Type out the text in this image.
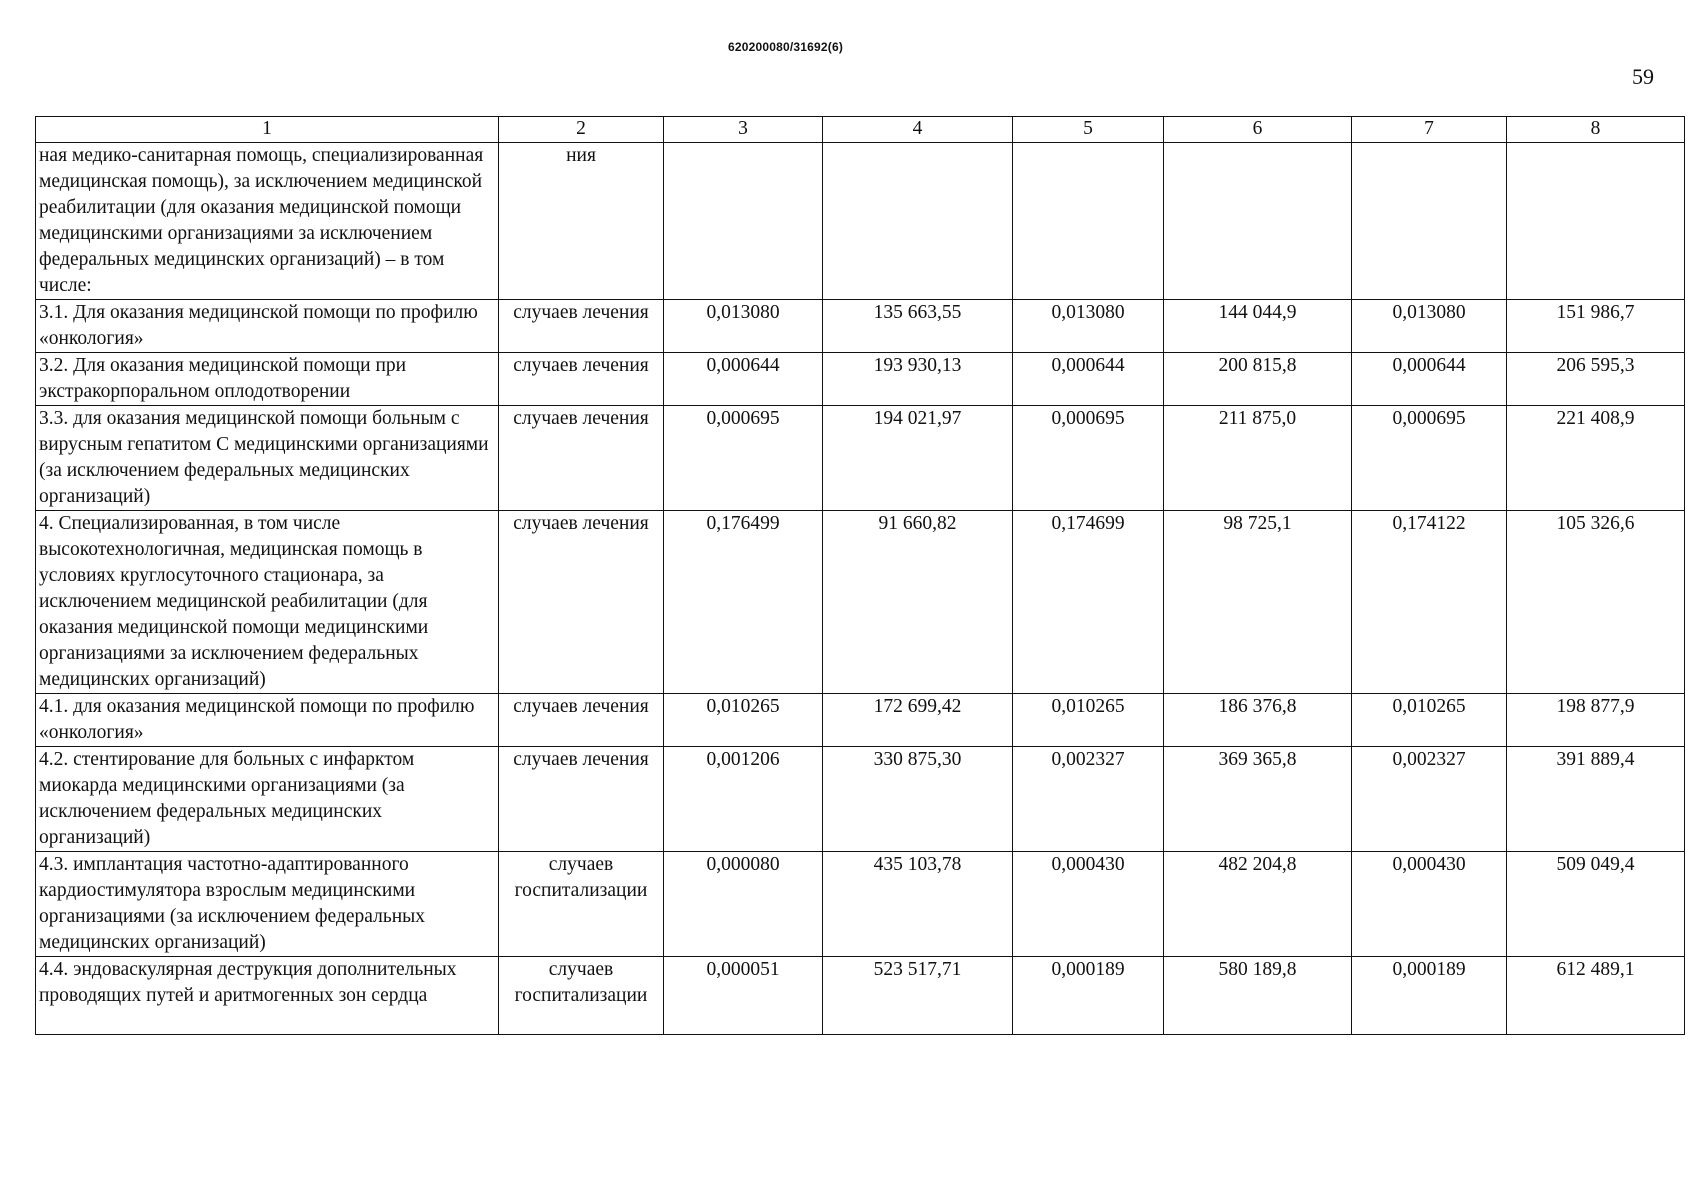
620200080/31692(6)
59
1	2	3	4	5	6	7	8
ная медико-санитарная помощь, специализированная медицинская помощь), за исключением медицинской реабилитации (для оказания медицинской помощи медицинскими организациями за исключением федеральных медицинских организаций) – в том числе:	ния						
3.1. Для оказания медицинской помощи по профилю «онкология»	случаев лечения	0,013080	135 663,55	0,013080	144 044,9	0,013080	151 986,7
3.2. Для оказания медицинской помощи при экстракорпоральном оплодотворении	случаев лечения	0,000644	193 930,13	0,000644	200 815,8	0,000644	206 595,3
3.3. для оказания медицинской помощи больным с вирусным гепатитом С медицинскими организациями (за исключением федеральных медицинских организаций)	случаев лечения	0,000695	194 021,97	0,000695	211 875,0	0,000695	221 408,9
4. Специализированная, в том числе высокотехнологичная, медицинская помощь в условиях круглосуточного стационара, за исключением медицинской реабилитации (для оказания медицинской помощи медицинскими организациями за исключением федеральных медицинских организаций)	случаев лечения	0,176499	91 660,82	0,174699	98 725,1	0,174122	105 326,6
4.1. для оказания медицинской помощи по профилю «онкология»	случаев лечения	0,010265	172 699,42	0,010265	186 376,8	0,010265	198 877,9
4.2. стентирование для больных с инфарктом миокарда медицинскими организациями (за исключением федеральных медицинских организаций)	случаев лечения	0,001206	330 875,30	0,002327	369 365,8	0,002327	391 889,4
4.3. имплантация частотно-адаптированного кардиостимулятора взрослым медицинскими организациями (за исключением федеральных медицинских организаций)	случаев госпитализации	0,000080	435 103,78	0,000430	482 204,8	0,000430	509 049,4
4.4. эндоваскулярная деструкция дополнительных проводящих путей и аритмогенных зон сердца	случаев госпитализации	0,000051	523 517,71	0,000189	580 189,8	0,000189	612 489,1
